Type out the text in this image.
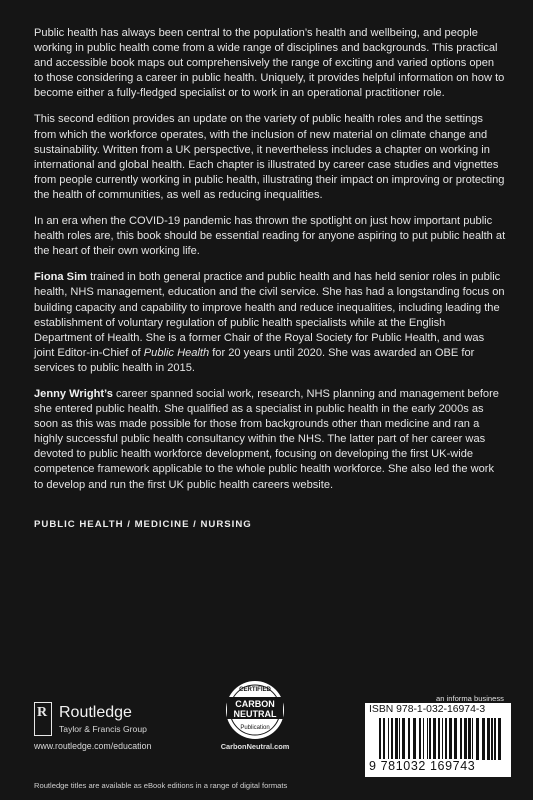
Public health has always been central to the population’s health and wellbeing, and people working in public health come from a wide range of disciplines and backgrounds. This practical and accessible book maps out comprehensively the range of exciting and varied options open to those considering a career in public health. Uniquely, it provides helpful information on how to become either a fully-fledged specialist or to work in an operational practitioner role.

This second edition provides an update on the variety of public health roles and the settings from which the workforce operates, with the inclusion of new material on climate change and sustainability. Written from a UK perspective, it nevertheless includes a chapter on working in international and global health. Each chapter is illustrated by career case studies and vignettes from people currently working in public health, illustrating their impact on improving or protecting the health of communities, as well as reducing inequalities.

In an era when the COVID-19 pandemic has thrown the spotlight on just how important public health roles are, this book should be essential reading for anyone aspiring to put public health at the heart of their own working life.

Fiona Sim trained in both general practice and public health and has held senior roles in public health, NHS management, education and the civil service. She has had a longstanding focus on building capacity and capability to improve health and reduce inequalities, including leading the establishment of voluntary regulation of public health specialists while at the English Department of Health. She is a former Chair of the Royal Society for Public Health, and was joint Editor-in-Chief of Public Health for 20 years until 2020. She was awarded an OBE for services to public health in 2015.

Jenny Wright’s career spanned social work, research, NHS planning and management before she entered public health. She qualified as a specialist in public health in the early 2000s as soon as this was made possible for those from backgrounds other than medicine and ran a highly successful public health consultancy within the NHS. The latter part of her career was devoted to public health workforce development, focusing on developing the first UK-wide competence framework applicable to the whole public health workforce. She also led the work to develop and run the first UK public health careers website.

PUBLIC HEALTH / MEDICINE / NURSING
R Routledge
Taylor & Francis Group
www.routledge.com/education
CERTIFIED
CARBON
NEUTRAL
Publication
CarbonNeutral.com
an informa business
ISBN 978-1-032-16974-3
9 781032 169743
Routledge titles are available as eBook editions in a range of digital formats
